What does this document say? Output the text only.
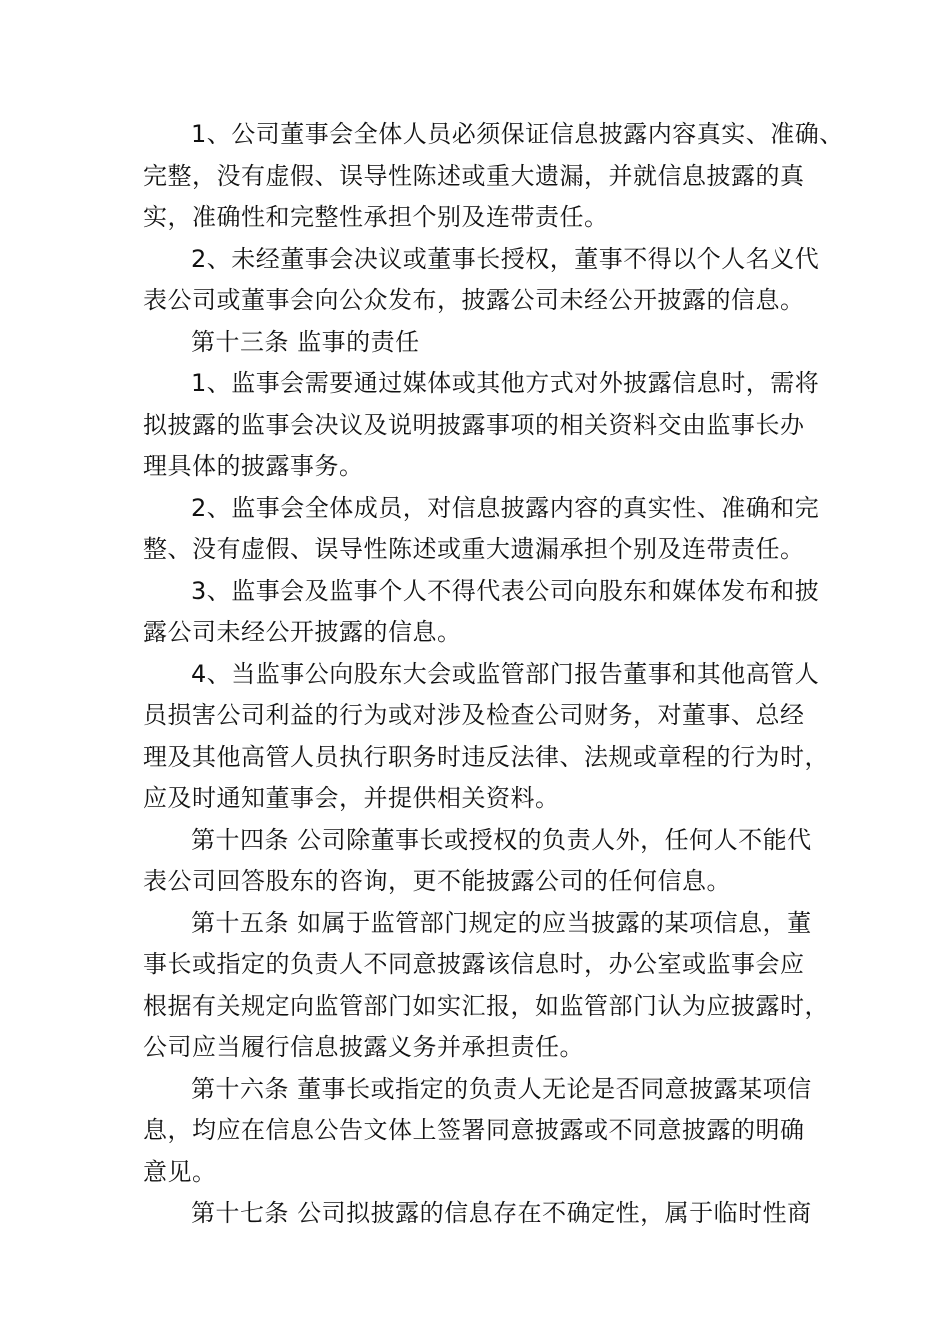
1、公司董事会全体人员必须保证信息披露内容真实、准确、
完整，没有虚假、误导性陈述或重大遗漏，并就信息披露的真
实，准确性和完整性承担个别及连带责任。
2、未经董事会决议或董事长授权，董事不得以个人名义代
表公司或董事会向公众发布，披露公司未经公开披露的信息。
第十三条 监事的责任
1、监事会需要通过媒体或其他方式对外披露信息时，需将
拟披露的监事会决议及说明披露事项的相关资料交由监事长办
理具体的披露事务。
2、监事会全体成员，对信息披露内容的真实性、准确和完
整、没有虚假、误导性陈述或重大遗漏承担个别及连带责任。
3、监事会及监事个人不得代表公司向股东和媒体发布和披
露公司未经公开披露的信息。
4、当监事公向股东大会或监管部门报告董事和其他高管人
员损害公司利益的行为或对涉及检查公司财务，对董事、总经
理及其他高管人员执行职务时违反法律、法规或章程的行为时，
应及时通知董事会，并提供相关资料。
第十四条 公司除董事长或授权的负责人外，任何人不能代
表公司回答股东的咨询，更不能披露公司的任何信息。
第十五条 如属于监管部门规定的应当披露的某项信息，董
事长或指定的负责人不同意披露该信息时，办公室或监事会应
根据有关规定向监管部门如实汇报，如监管部门认为应披露时，
公司应当履行信息披露义务并承担责任。
第十六条 董事长或指定的负责人无论是否同意披露某项信
息，均应在信息公告文体上签署同意披露或不同意披露的明确
意见。
第十七条 公司拟披露的信息存在不确定性，属于临时性商
